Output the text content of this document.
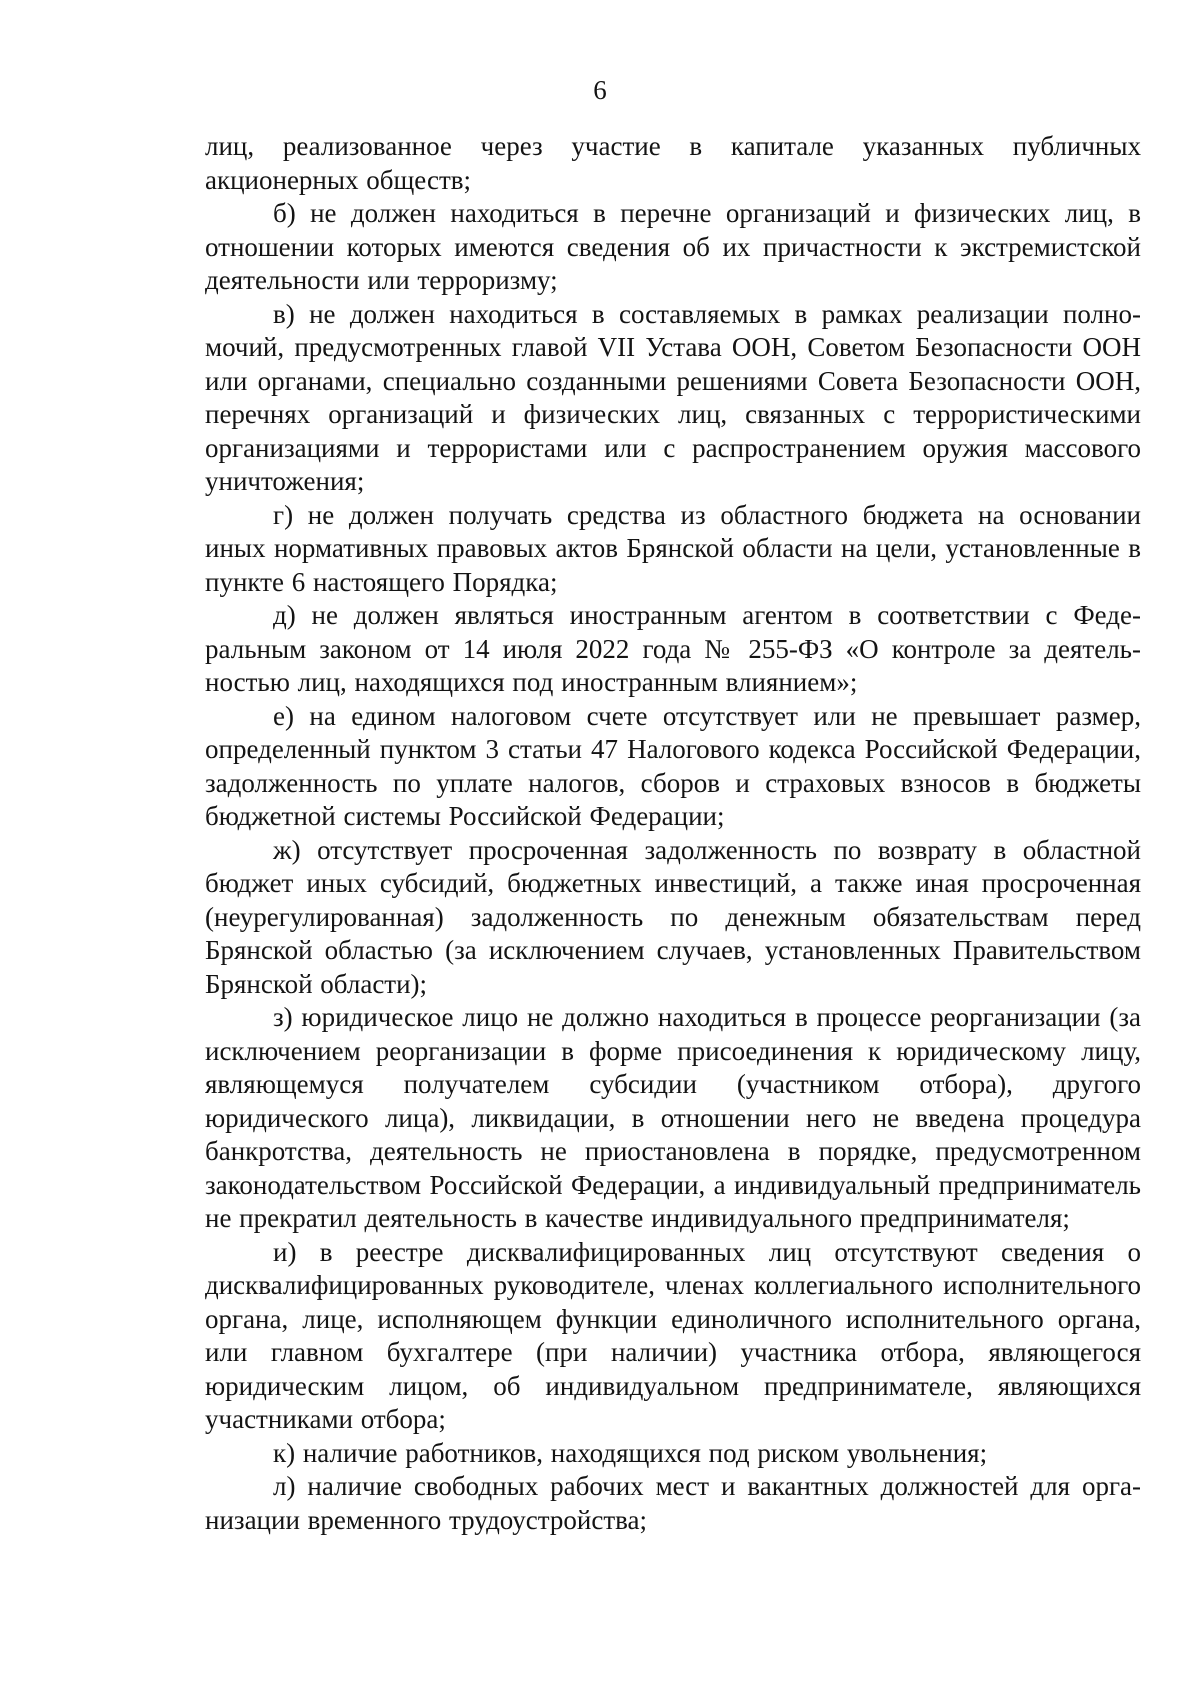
6

лиц, реализованное через участие в капитале указанных публичных акционерных обществ;

б) не должен находиться в перечне организаций и физических лиц, в отношении которых имеются сведения об их причастности к экстремистской деятельности или терроризму;

в) не должен находиться в составляемых в рамках реализации полномочий, предусмотренных главой VII Устава ООН, Советом Безопасности ООН или органами, специально созданными решениями Совета Безопасности ООН, перечнях организаций и физических лиц, связанных с террористическими организациями и террористами или с распространением оружия массового уничтожения;

г) не должен получать средства из областного бюджета на основании иных нормативных правовых актов Брянской области на цели, установленные в пункте 6 настоящего Порядка;

д) не должен являться иностранным агентом в соответствии с Федеральным законом от 14 июля 2022 года № 255-ФЗ «О контроле за деятельностью лиц, находящихся под иностранным влиянием»;

е) на едином налоговом счете отсутствует или не превышает размер, определенный пунктом 3 статьи 47 Налогового кодекса Российской Федерации, задолженность по уплате налогов, сборов и страховых взносов в бюджеты бюджетной системы Российской Федерации;

ж) отсутствует просроченная задолженность по возврату в областной бюджет иных субсидий, бюджетных инвестиций, а также иная просроченная (неурегулированная) задолженность по денежным обязательствам перед Брянской областью (за исключением случаев, установленных Правительством Брянской области);

з) юридическое лицо не должно находиться в процессе реорганизации (за исключением реорганизации в форме присоединения к юридическому лицу, являющемуся получателем субсидии (участником отбора), другого юридического лица), ликвидации, в отношении него не введена процедура банкротства, деятельность не приостановлена в порядке, предусмотренном законодательством Российской Федерации, а индивидуальный предприниматель не прекратил деятельность в качестве индивидуального предпринимателя;

и) в реестре дисквалифицированных лиц отсутствуют сведения о дисквалифицированных руководителе, членах коллегиального исполнительного органа, лице, исполняющем функции единоличного исполнительного органа, или главном бухгалтере (при наличии) участника отбора, являющегося юридическим лицом, об индивидуальном предпринимателе, являющихся участниками отбора;

к) наличие работников, находящихся под риском увольнения;

л) наличие свободных рабочих мест и вакантных должностей для организации временного трудоустройства;
